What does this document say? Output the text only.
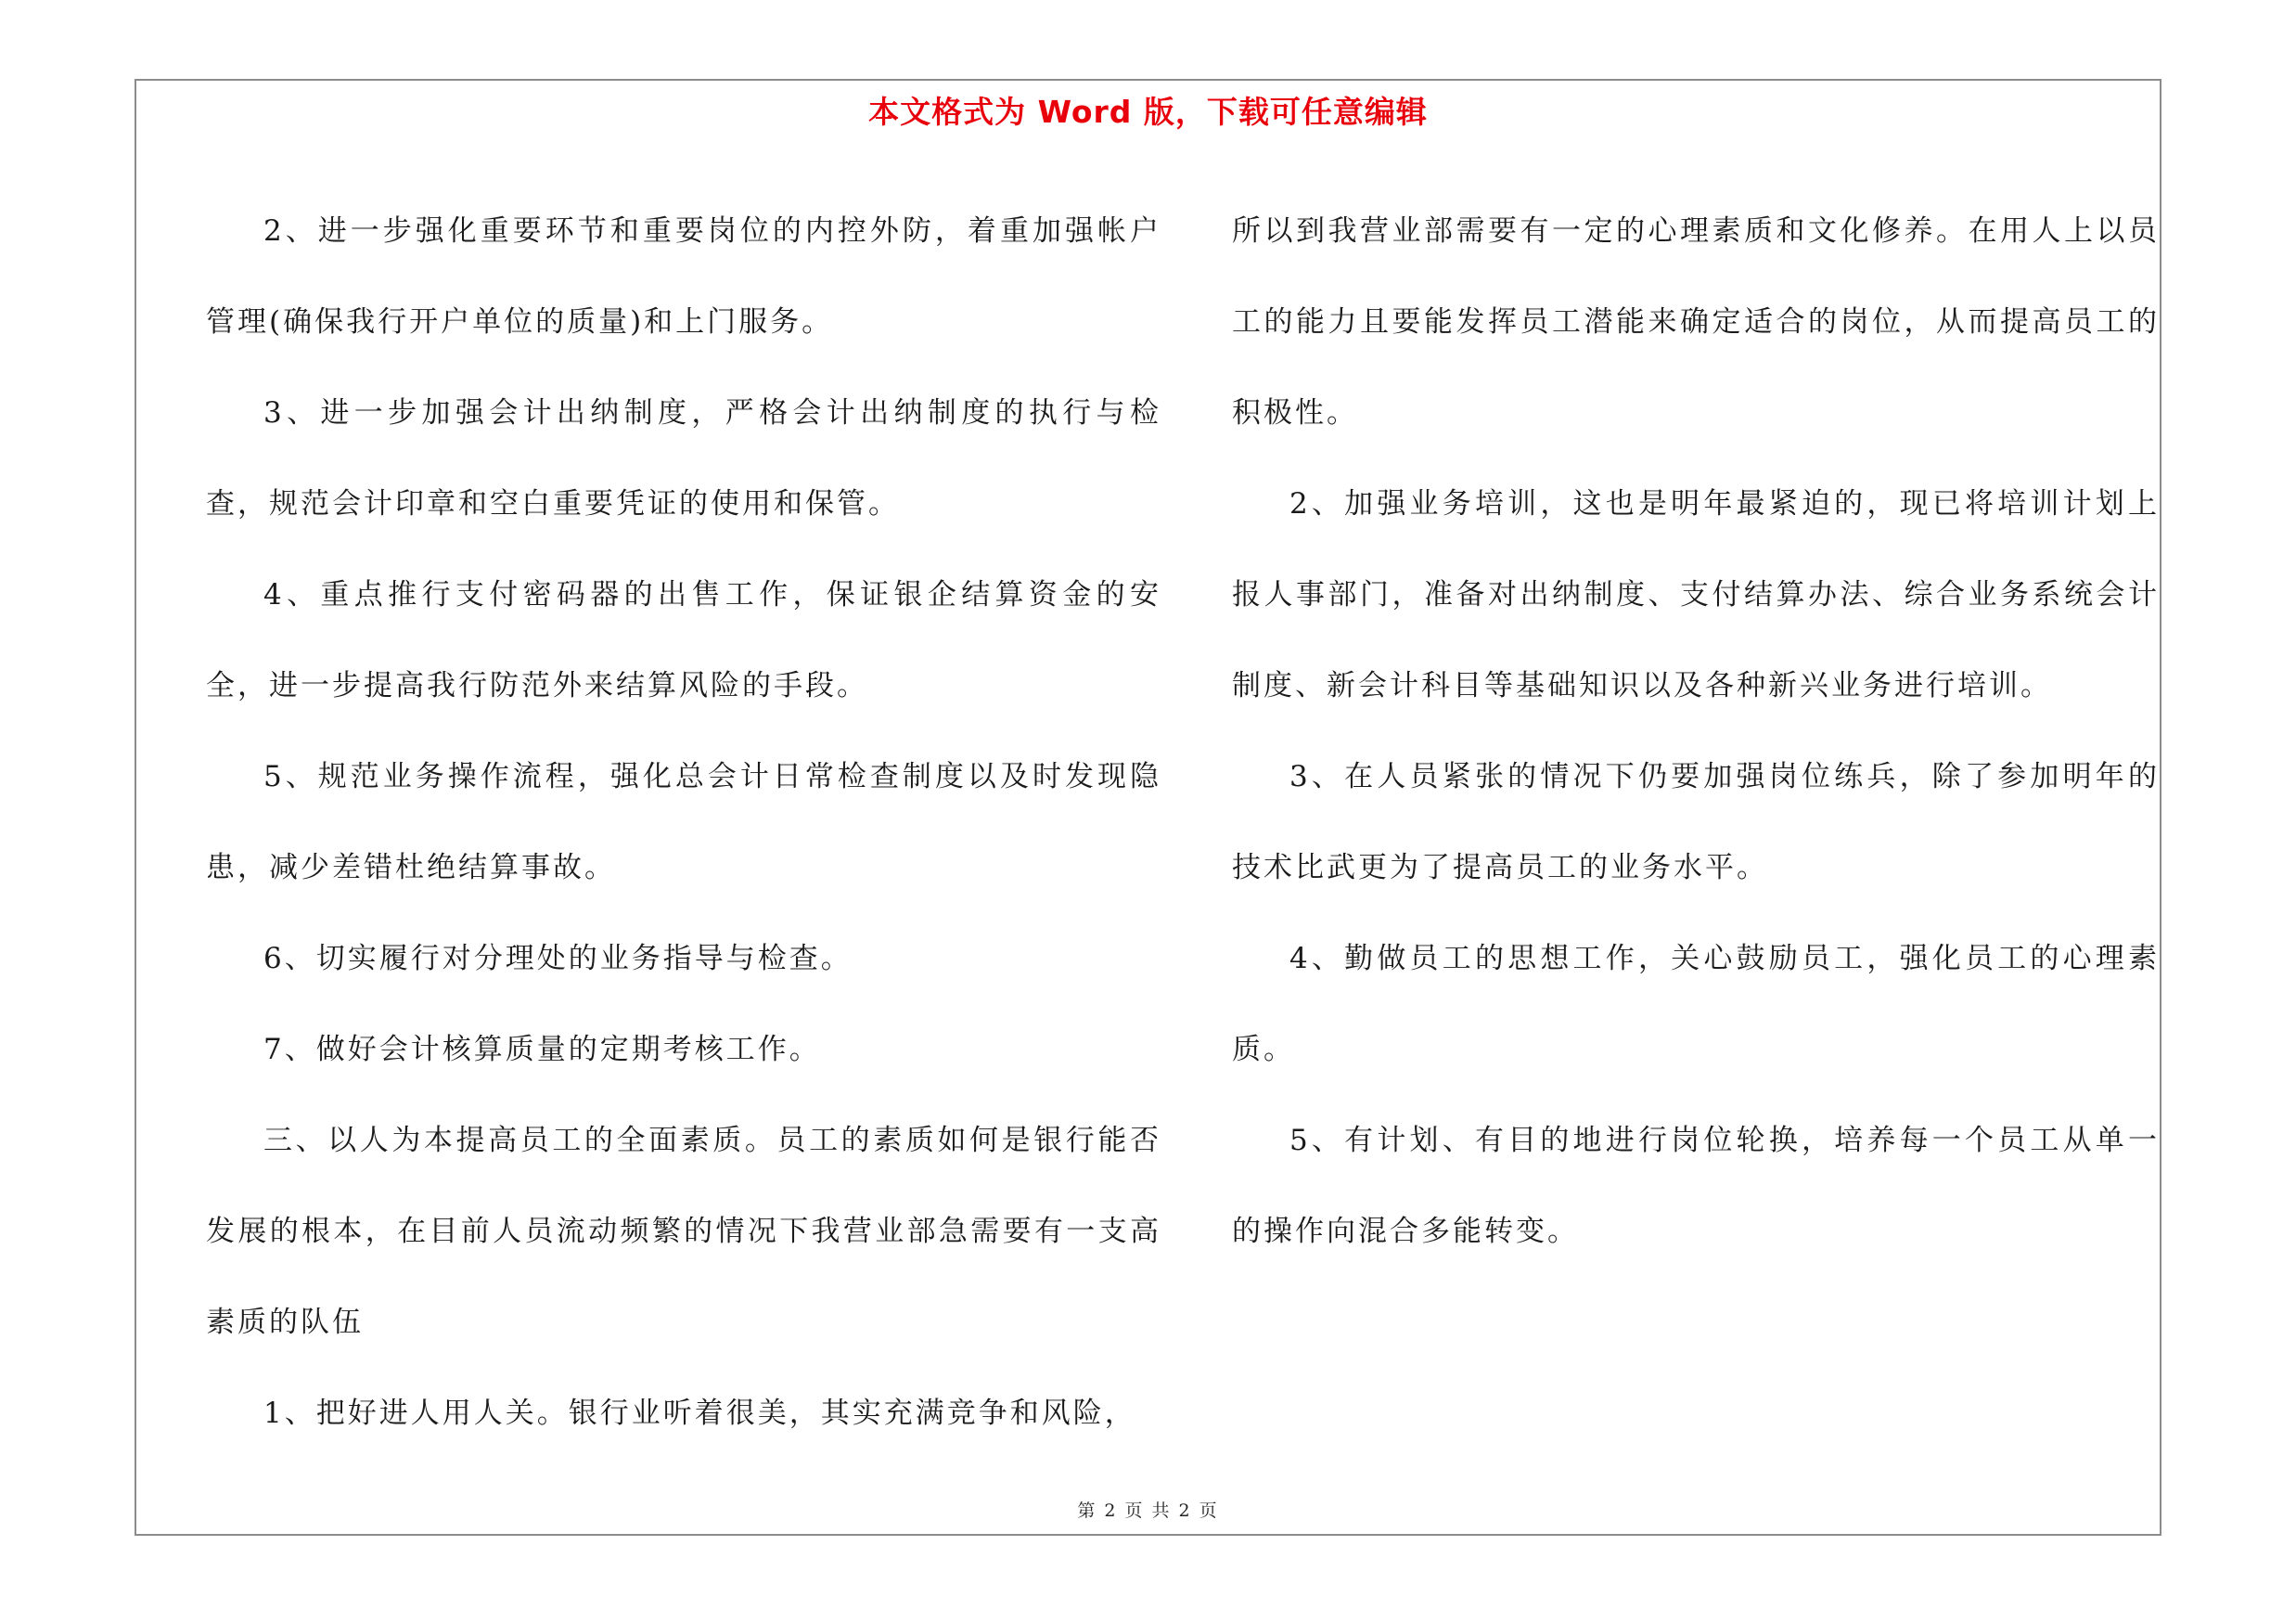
本文格式为 Word 版，下载可任意编辑

2、进一步强化重要环节和重要岗位的内控外防，着重加强帐户管理(确保我行开户单位的质量)和上门服务。

3、进一步加强会计出纳制度，严格会计出纳制度的执行与检查，规范会计印章和空白重要凭证的使用和保管。

4、重点推行支付密码器的出售工作，保证银企结算资金的安全，进一步提高我行防范外来结算风险的手段。

5、规范业务操作流程，强化总会计日常检查制度以及时发现隐患，减少差错杜绝结算事故。

6、切实履行对分理处的业务指导与检查。

7、做好会计核算质量的定期考核工作。

三、以人为本提高员工的全面素质。员工的素质如何是银行能否发展的根本，在目前人员流动频繁的情况下我营业部急需要有一支高素质的队伍

1、把好进人用人关。银行业听着很美，其实充满竞争和风险，

所以到我营业部需要有一定的心理素质和文化修养。在用人上以员工的能力且要能发挥员工潜能来确定适合的岗位，从而提高员工的积极性。

2、加强业务培训，这也是明年最紧迫的，现已将培训计划上报人事部门，准备对出纳制度、支付结算办法、综合业务系统会计制度、新会计科目等基础知识以及各种新兴业务进行培训。

3、在人员紧张的情况下仍要加强岗位练兵，除了参加明年的技术比武更为了提高员工的业务水平。

4、勤做员工的思想工作，关心鼓励员工，强化员工的心理素质。

5、有计划、有目的地进行岗位轮换，培养每一个员工从单一的操作向混合多能转变。

第 2 页 共 2 页
